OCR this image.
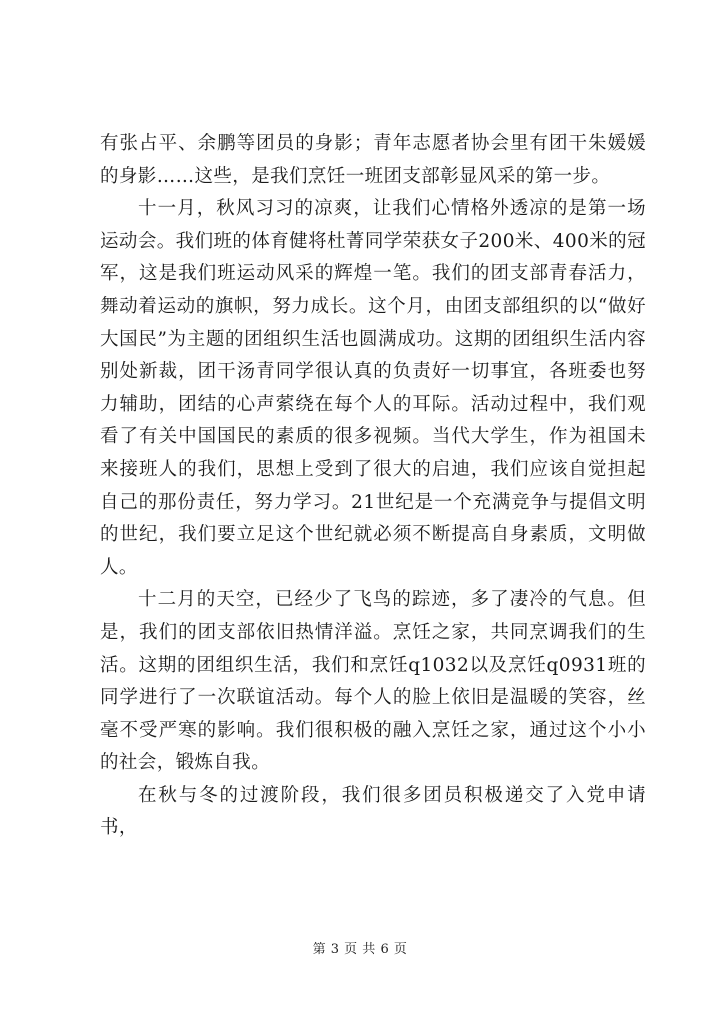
有张占平、余鹏等团员的身影；青年志愿者协会里有团干朱媛媛的身影……这些，是我们烹饪一班团支部彰显风采的第一步。

十一月，秋风习习的凉爽，让我们心情格外透凉的是第一场运动会。我们班的体育健将杜菁同学荣获女子200米、400米的冠军，这是我们班运动风采的辉煌一笔。我们的团支部青春活力，舞动着运动的旗帜，努力成长。这个月，由团支部组织的以“做好大国民”为主题的团组织生活也圆满成功。这期的团组织生活内容别处新裁，团干汤青同学很认真的负责好一切事宜，各班委也努力辅助，团结的心声萦绕在每个人的耳际。活动过程中，我们观看了有关中国国民的素质的很多视频。当代大学生，作为祖国未来接班人的我们，思想上受到了很大的启迪，我们应该自觉担起自己的那份责任，努力学习。21世纪是一个充满竞争与提倡文明的世纪，我们要立足这个世纪就必须不断提高自身素质，文明做人。

十二月的天空，已经少了飞鸟的踪迹，多了凄冷的气息。但是，我们的团支部依旧热情洋溢。烹饪之家，共同烹调我们的生活。这期的团组织生活，我们和烹饪q1032以及烹饪q0931班的同学进行了一次联谊活动。每个人的脸上依旧是温暖的笑容，丝毫不受严寒的影响。我们很积极的融入烹饪之家，通过这个小小的社会，锻炼自我。

在秋与冬的过渡阶段，我们很多团员积极递交了入党申请书，

第 3 页 共 6 页
